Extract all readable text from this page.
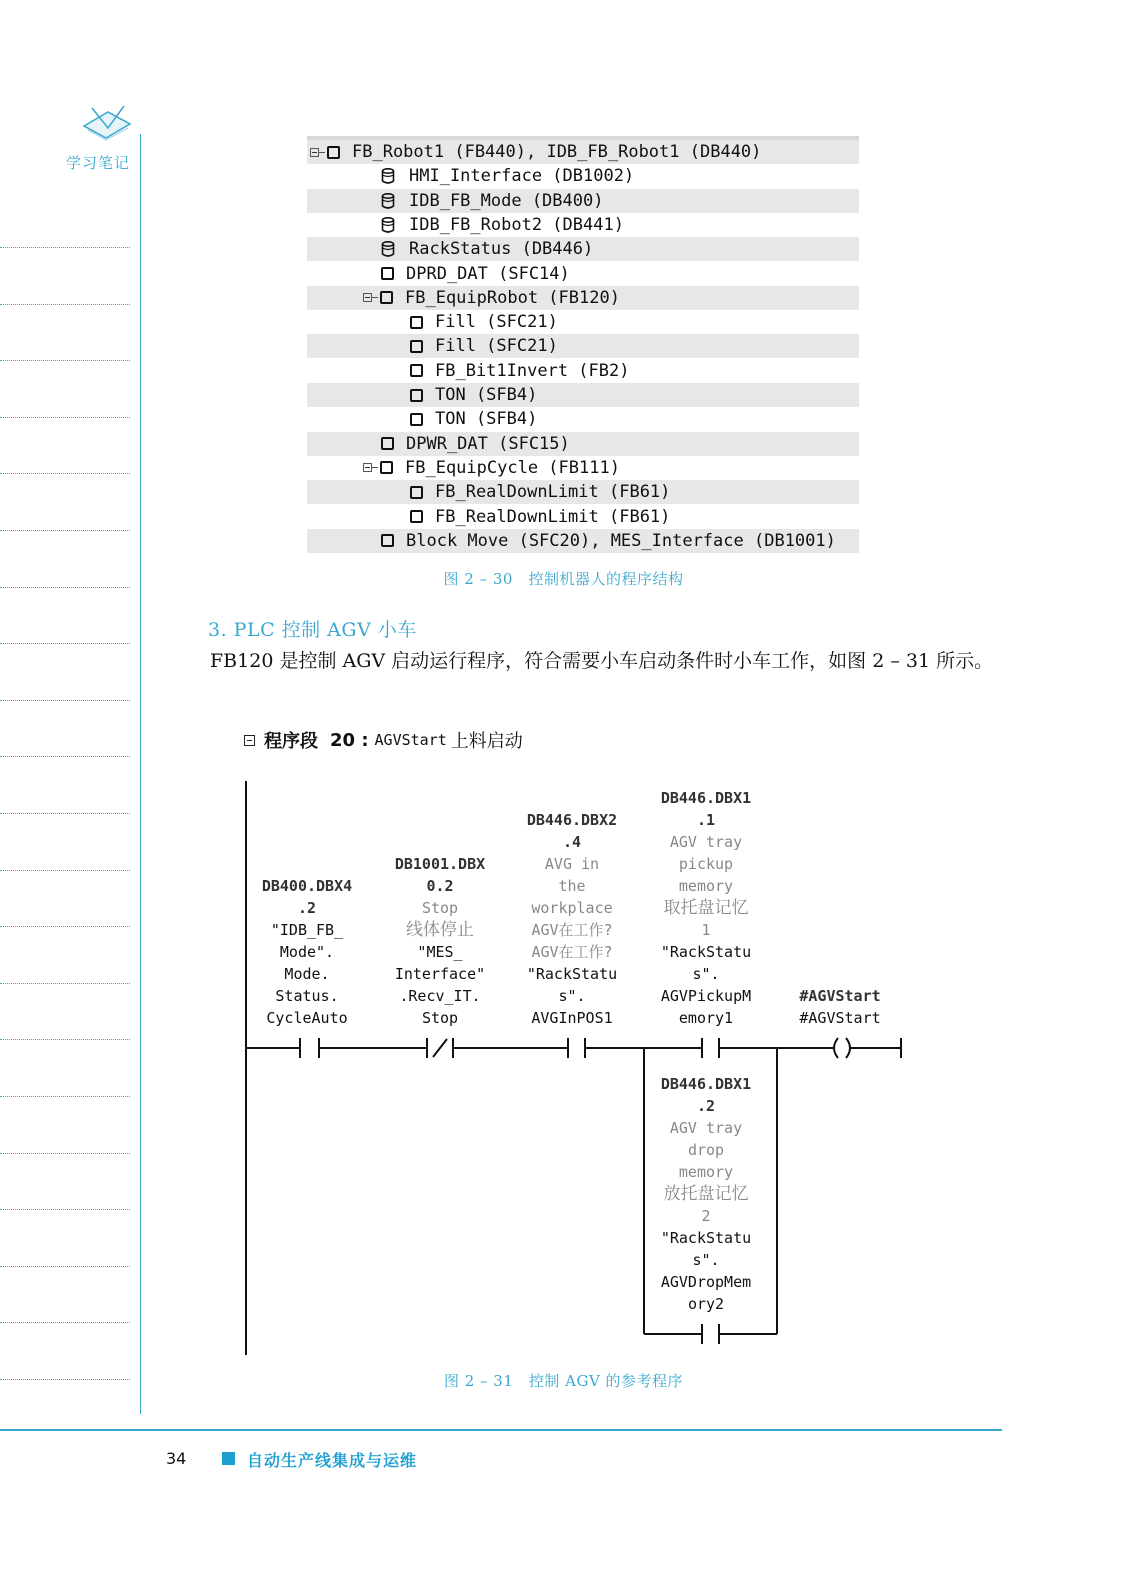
学习笔记
FB_Robot1 (FB440), IDB_FB_Robot1 (DB440)
HMI_Interface (DB1002)
IDB_FB_Mode (DB400)
IDB_FB_Robot2 (DB441)
RackStatus (DB446)
DPRD_DAT (SFC14)
FB_EquipRobot (FB120)
Fill (SFC21)
Fill (SFC21)
FB_Bit1Invert (FB2)
TON (SFB4)
TON (SFB4)
DPWR_DAT (SFC15)
FB_EquipCycle (FB111)
FB_RealDownLimit (FB61)
FB_RealDownLimit (FB61)
Block Move (SFC20), MES_Interface (DB1001)
图 2 – 30　控制机器人的程序结构
3. PLC 控制 AGV 小车
FB120 是控制 AGV 启动运行程序，符合需要小车启动条件时小车工作，如图 2 – 31 所示。
程序段 20 : AGVStart 上料启动
DB400.DBX4
.2
"IDB_FB_
Mode".
Mode.
Status.
CycleAuto
DB1001.DBX
0.2
Stop
线体停止
"MES_
Interface"
.Recv_IT.
Stop
DB446.DBX2
.4
AVG in
the
workplace
AGV在工作?
AGV在工作?
"RackStatu
s".
AVGInPOS1
DB446.DBX1
.1
AGV tray
pickup
memory
取托盘记忆
1
"RackStatu
s".
AGVPickupM
emory1
DB446.DBX1
.2
AGV tray
drop
memory
放托盘记忆
2
"RackStatu
s".
AGVDropMem
ory2
#AGVStart
#AGVStart
图 2 – 31　控制 AGV 的参考程序
34	自动生产线集成与运维
